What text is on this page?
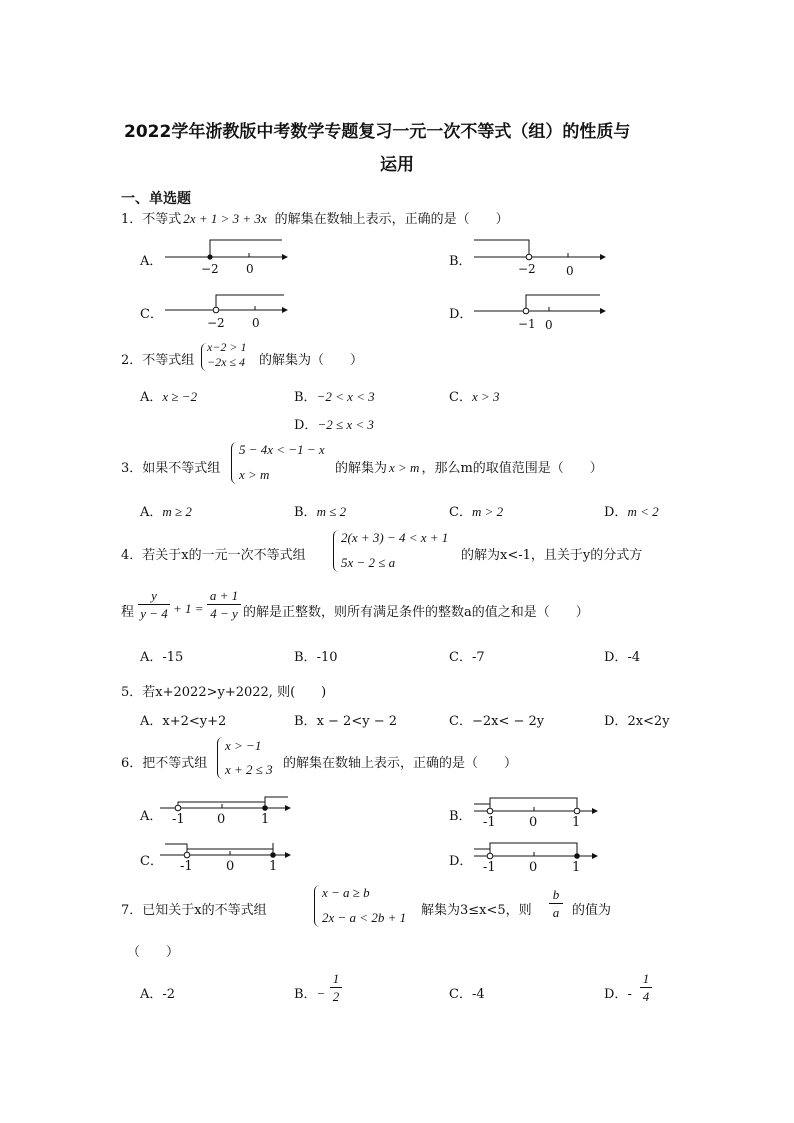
2022学年浙教版中考数学专题复习一元一次不等式（组）的性质与
运用
一、单选题
1．不等式 2x + 1 > 3 + 3x 的解集在数轴上表示，正确的是（　　）
A．	−2 0	B．	−2	0
C．
−2 0
D．
−1 0
2．不等式组
x−2 > 1
−2x ≤ 4 的解集为（　　）
A．x ≥ −2	B．−2 < x < 3	C．x > 3
D．−2 ≤ x < 3
3．如果不等式组
5 − 4x < −1 − x
x > m	的解集为 x > m ，那么m的取值范围是（　　）
A．m ≥ 2	B．m ≤ 2	C．m > 2	D．m < 2
4．若关于x的一元一次不等式组
2(x + 3) − 4 < x + 1
5x − 2 ≤ a	的解为x<-1，且关于y的分式方
程
y
y − 4 + 1 =
a + 1
4 − y 的解是正整数，则所有满足条件的整数a的值之和是（　　）
A．-15	B．-10	C．-7	D．-4
5．若x+2022>y+2022, 则(　　)
A．x+2<y+2	B．x − 2<y − 2	C．−2x< − 2y	D．2x<2y
6．把不等式组
x > −1
x + 2 ≤ 3 的解集在数轴上表示，正确的是（　　）
A． -1 0	1	B． -1	0	1
C． -1	0	1	D． -1	0	1
7．已知关于x的不等式组
x − a ≥ b
2x − a < 2b + 1 解集为3≤x<5，则
b
a 的值为
（　　）
A．-2	B．−
1
2	C．-4	D．-
1
4
